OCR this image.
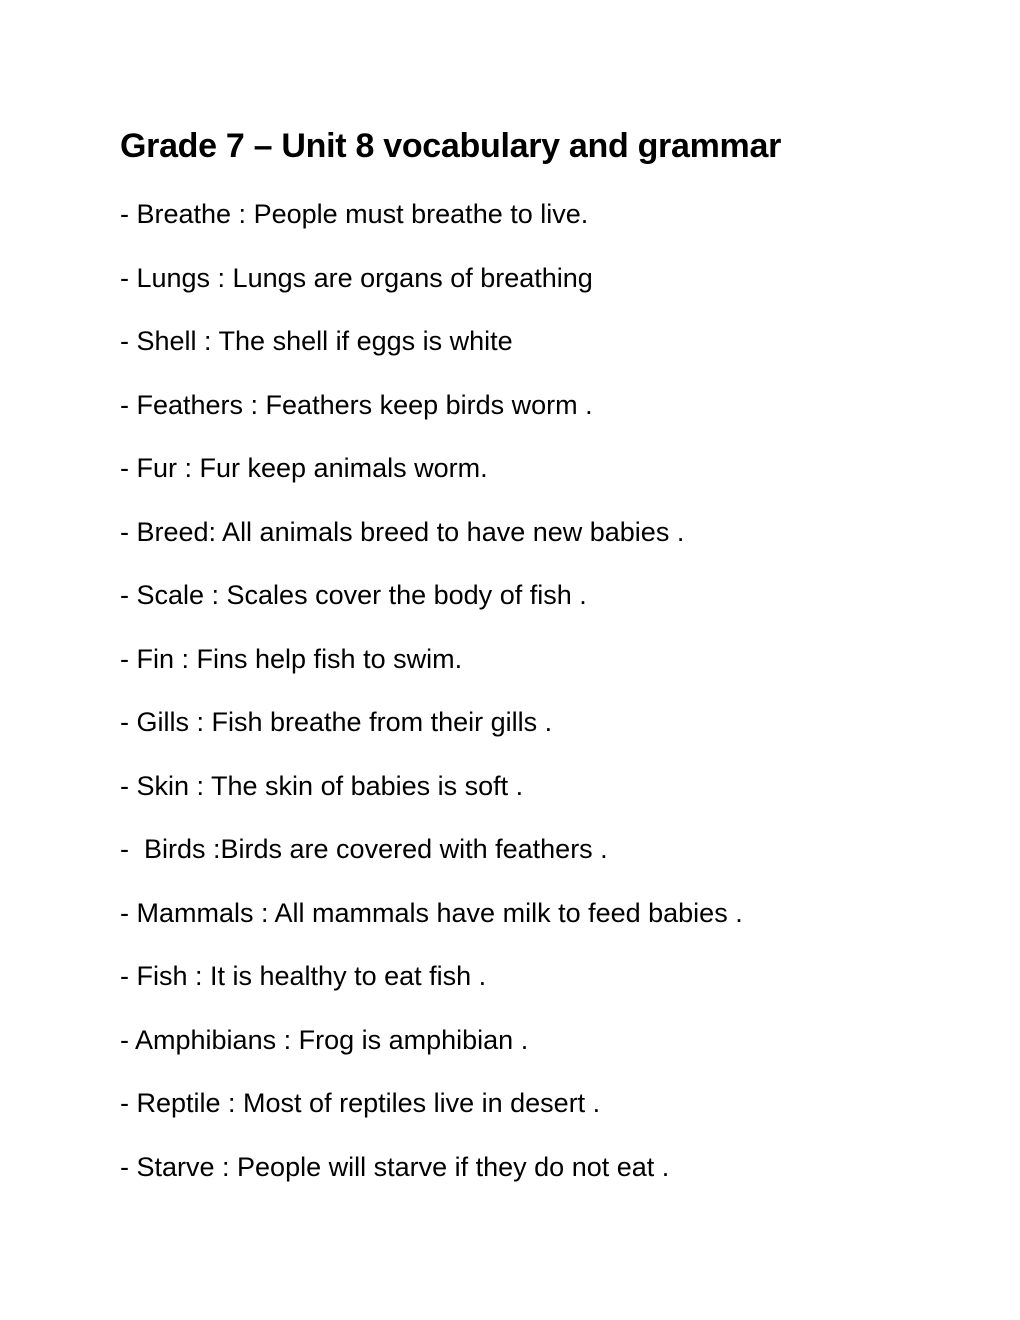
Grade 7 – Unit 8 vocabulary and grammar
- Breathe : People must breathe to live.
- Lungs : Lungs are organs of breathing
- Shell : The shell if eggs is white
- Feathers : Feathers keep birds worm .
- Fur : Fur keep animals worm.
- Breed: All animals breed to have new babies .
- Scale : Scales cover the body of fish .
- Fin : Fins help fish to swim.
- Gills : Fish breathe from their gills .
- Skin : The skin of babies is soft .
-  Birds :Birds are covered with feathers .
- Mammals : All mammals have milk to feed babies .
- Fish : It is healthy to eat fish .
- Amphibians : Frog is amphibian .
- Reptile : Most of reptiles live in desert .
- Starve : People will starve if they do not eat .
